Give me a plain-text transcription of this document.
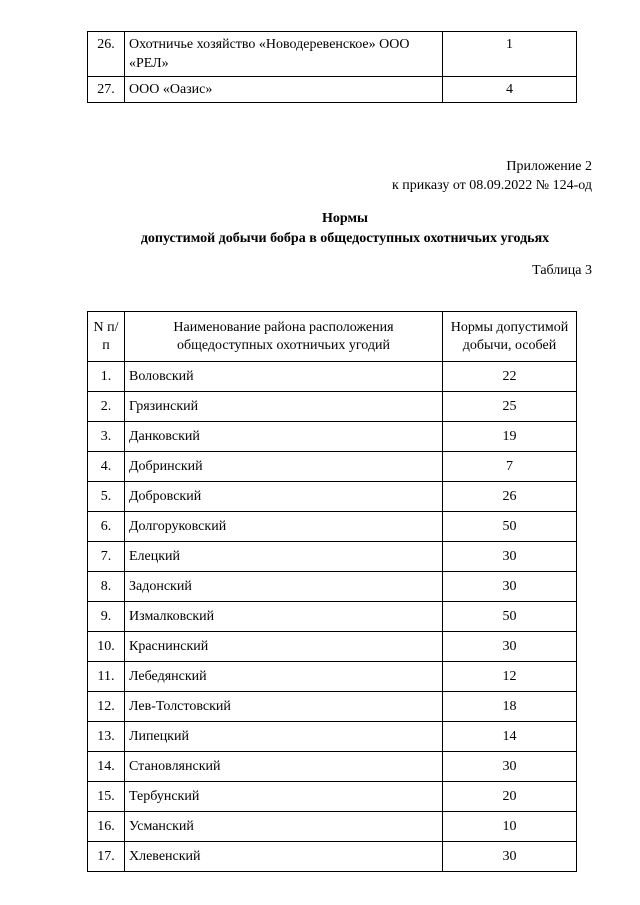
26.	Охотничье хозяйство «Новодеревенское» ООО «РЕЛ»	1
27.	ООО «Оазис»	4
Приложение 2
к приказу от 08.09.2022 № 124-од
Нормы
допустимой добычи бобра в общедоступных охотничьих угодьях
Таблица 3
N п/п	Наименование района расположения общедоступных охотничьих угодий	Нормы допустимой добычи, особей
1.	Воловский	22
2.	Грязинский	25
3.	Данковский	19
4.	Добринский	7
5.	Добровский	26
6.	Долгоруковский	50
7.	Елецкий	30
8.	Задонский	30
9.	Измалковский	50
10.	Краснинский	30
11.	Лебедянский	12
12.	Лев-Толстовский	18
13.	Липецкий	14
14.	Становлянский	30
15.	Тербунский	20
16.	Усманский	10
17.	Хлевенский	30
